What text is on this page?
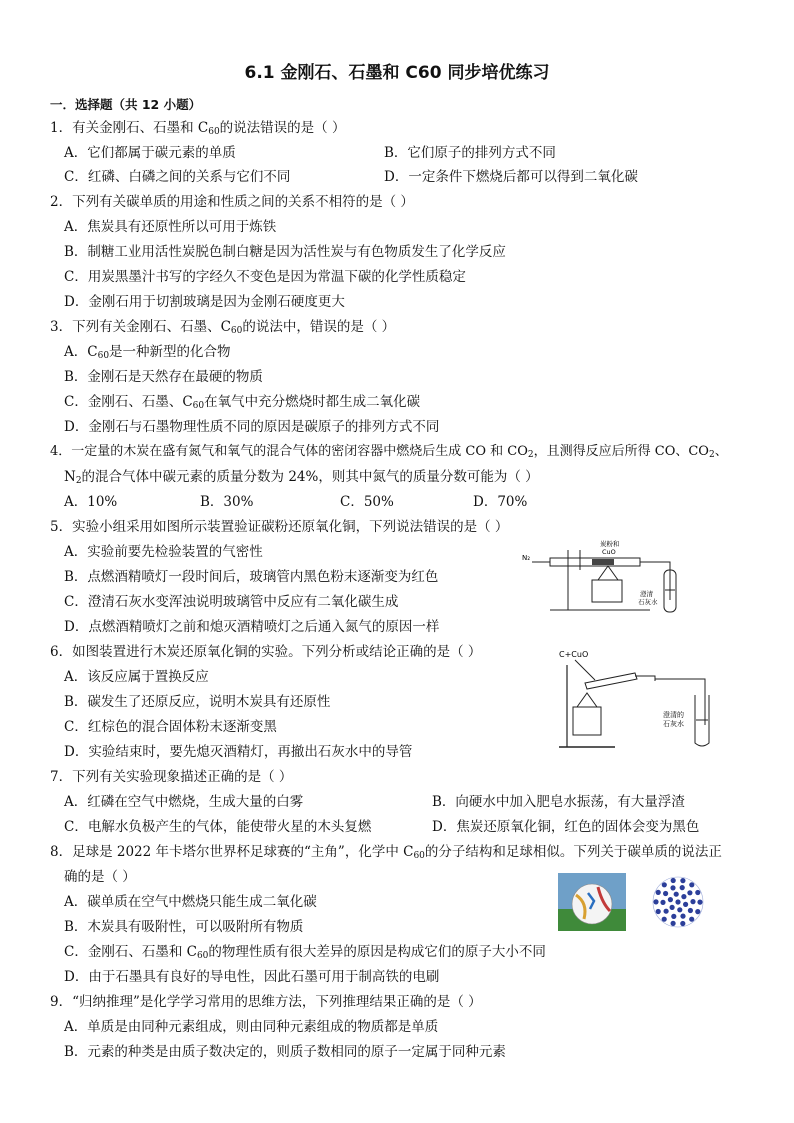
6.1 金刚石、石墨和 C60 同步培优练习
一．选择题（共 12 小题）
1．有关金刚石、石墨和 $C_{60}$的说法错误的是（ ）
A．它们都属于碳元素的单质	B．它们原子的排列方式不同
C．红磷、白磷之间的关系与它们不同	D．一定条件下燃烧后都可以得到二氧化碳
2．下列有关碳单质的用途和性质之间的关系不相符的是（ ）
A．焦炭具有还原性所以可用于炼铁
B．制糖工业用活性炭脱色制白糖是因为活性炭与有色物质发生了化学反应
C．用炭黑墨汁书写的字经久不变色是因为常温下碳的化学性质稳定
D．金刚石用于切割玻璃是因为金刚石硬度更大
3．下列有关金刚石、石墨、$C_{60}$的说法中，错误的是（ ）
A．$C_{60}$是一种新型的化合物
B．金刚石是天然存在最硬的物质
C．金刚石、石墨、$C_{60}$在氧气中充分燃烧时都生成二氧化碳
D．金刚石与石墨物理性质不同的原因是碳原子的排列方式不同
4．一定量的木炭在盛有氮气和氧气的混合气体的密闭容器中燃烧后生成 CO 和 $CO_2$，且测得反应后所得 CO、$CO_2$、
$N_2$的混合气体中碳元素的质量分数为 24%，则其中氮气的质量分数可能为（ ）
A．10%	B．30%	C．50%	D．70%
5．实验小组采用如图所示装置验证碳粉还原氧化铜，下列说法错误的是（ ）
A．实验前要先检验装置的气密性
B．点燃酒精喷灯一段时间后，玻璃管内黑色粉末逐渐变为红色
C．澄清石灰水变浑浊说明玻璃管中反应有二氧化碳生成
D．点燃酒精喷灯之前和熄灭酒精喷灯之后通入氮气的原因一样
N₂
炭粉和
CuO
澄清
石灰水
6．如图装置进行木炭还原氧化铜的实验。下列分析或结论正确的是（ ）
A．该反应属于置换反应
B．碳发生了还原反应，说明木炭具有还原性
C．红棕色的混合固体粉末逐渐变黑
D．实验结束时，要先熄灭酒精灯，再撤出石灰水中的导管
C+CuO
澄清的
石灰水
7．下列有关实验现象描述正确的是（ ）
A．红磷在空气中燃烧，生成大量的白雾	B．向硬水中加入肥皂水振荡，有大量浮渣
C．电解水负极产生的气体，能使带火星的木头复燃	D．焦炭还原氧化铜，红色的固体会变为黑色
8．足球是 2022 年卡塔尔世界杯足球赛的“主角”，化学中 $C_{60}$的分子结构和足球相似。下列关于碳单质的说法正
确的是（ ）
A．碳单质在空气中燃烧只能生成二氧化碳
B．木炭具有吸附性，可以吸附所有物质
C．金刚石、石墨和 $C_{60}$的物理性质有很大差异的原因是构成它们的原子大小不同
D．由于石墨具有良好的导电性，因此石墨可用于制高铁的电刷
9．“归纳推理”是化学学习常用的思维方法，下列推理结果正确的是（ ）
A．单质是由同种元素组成，则由同种元素组成的物质都是单质
B．元素的种类是由质子数决定的，则质子数相同的原子一定属于同种元素
